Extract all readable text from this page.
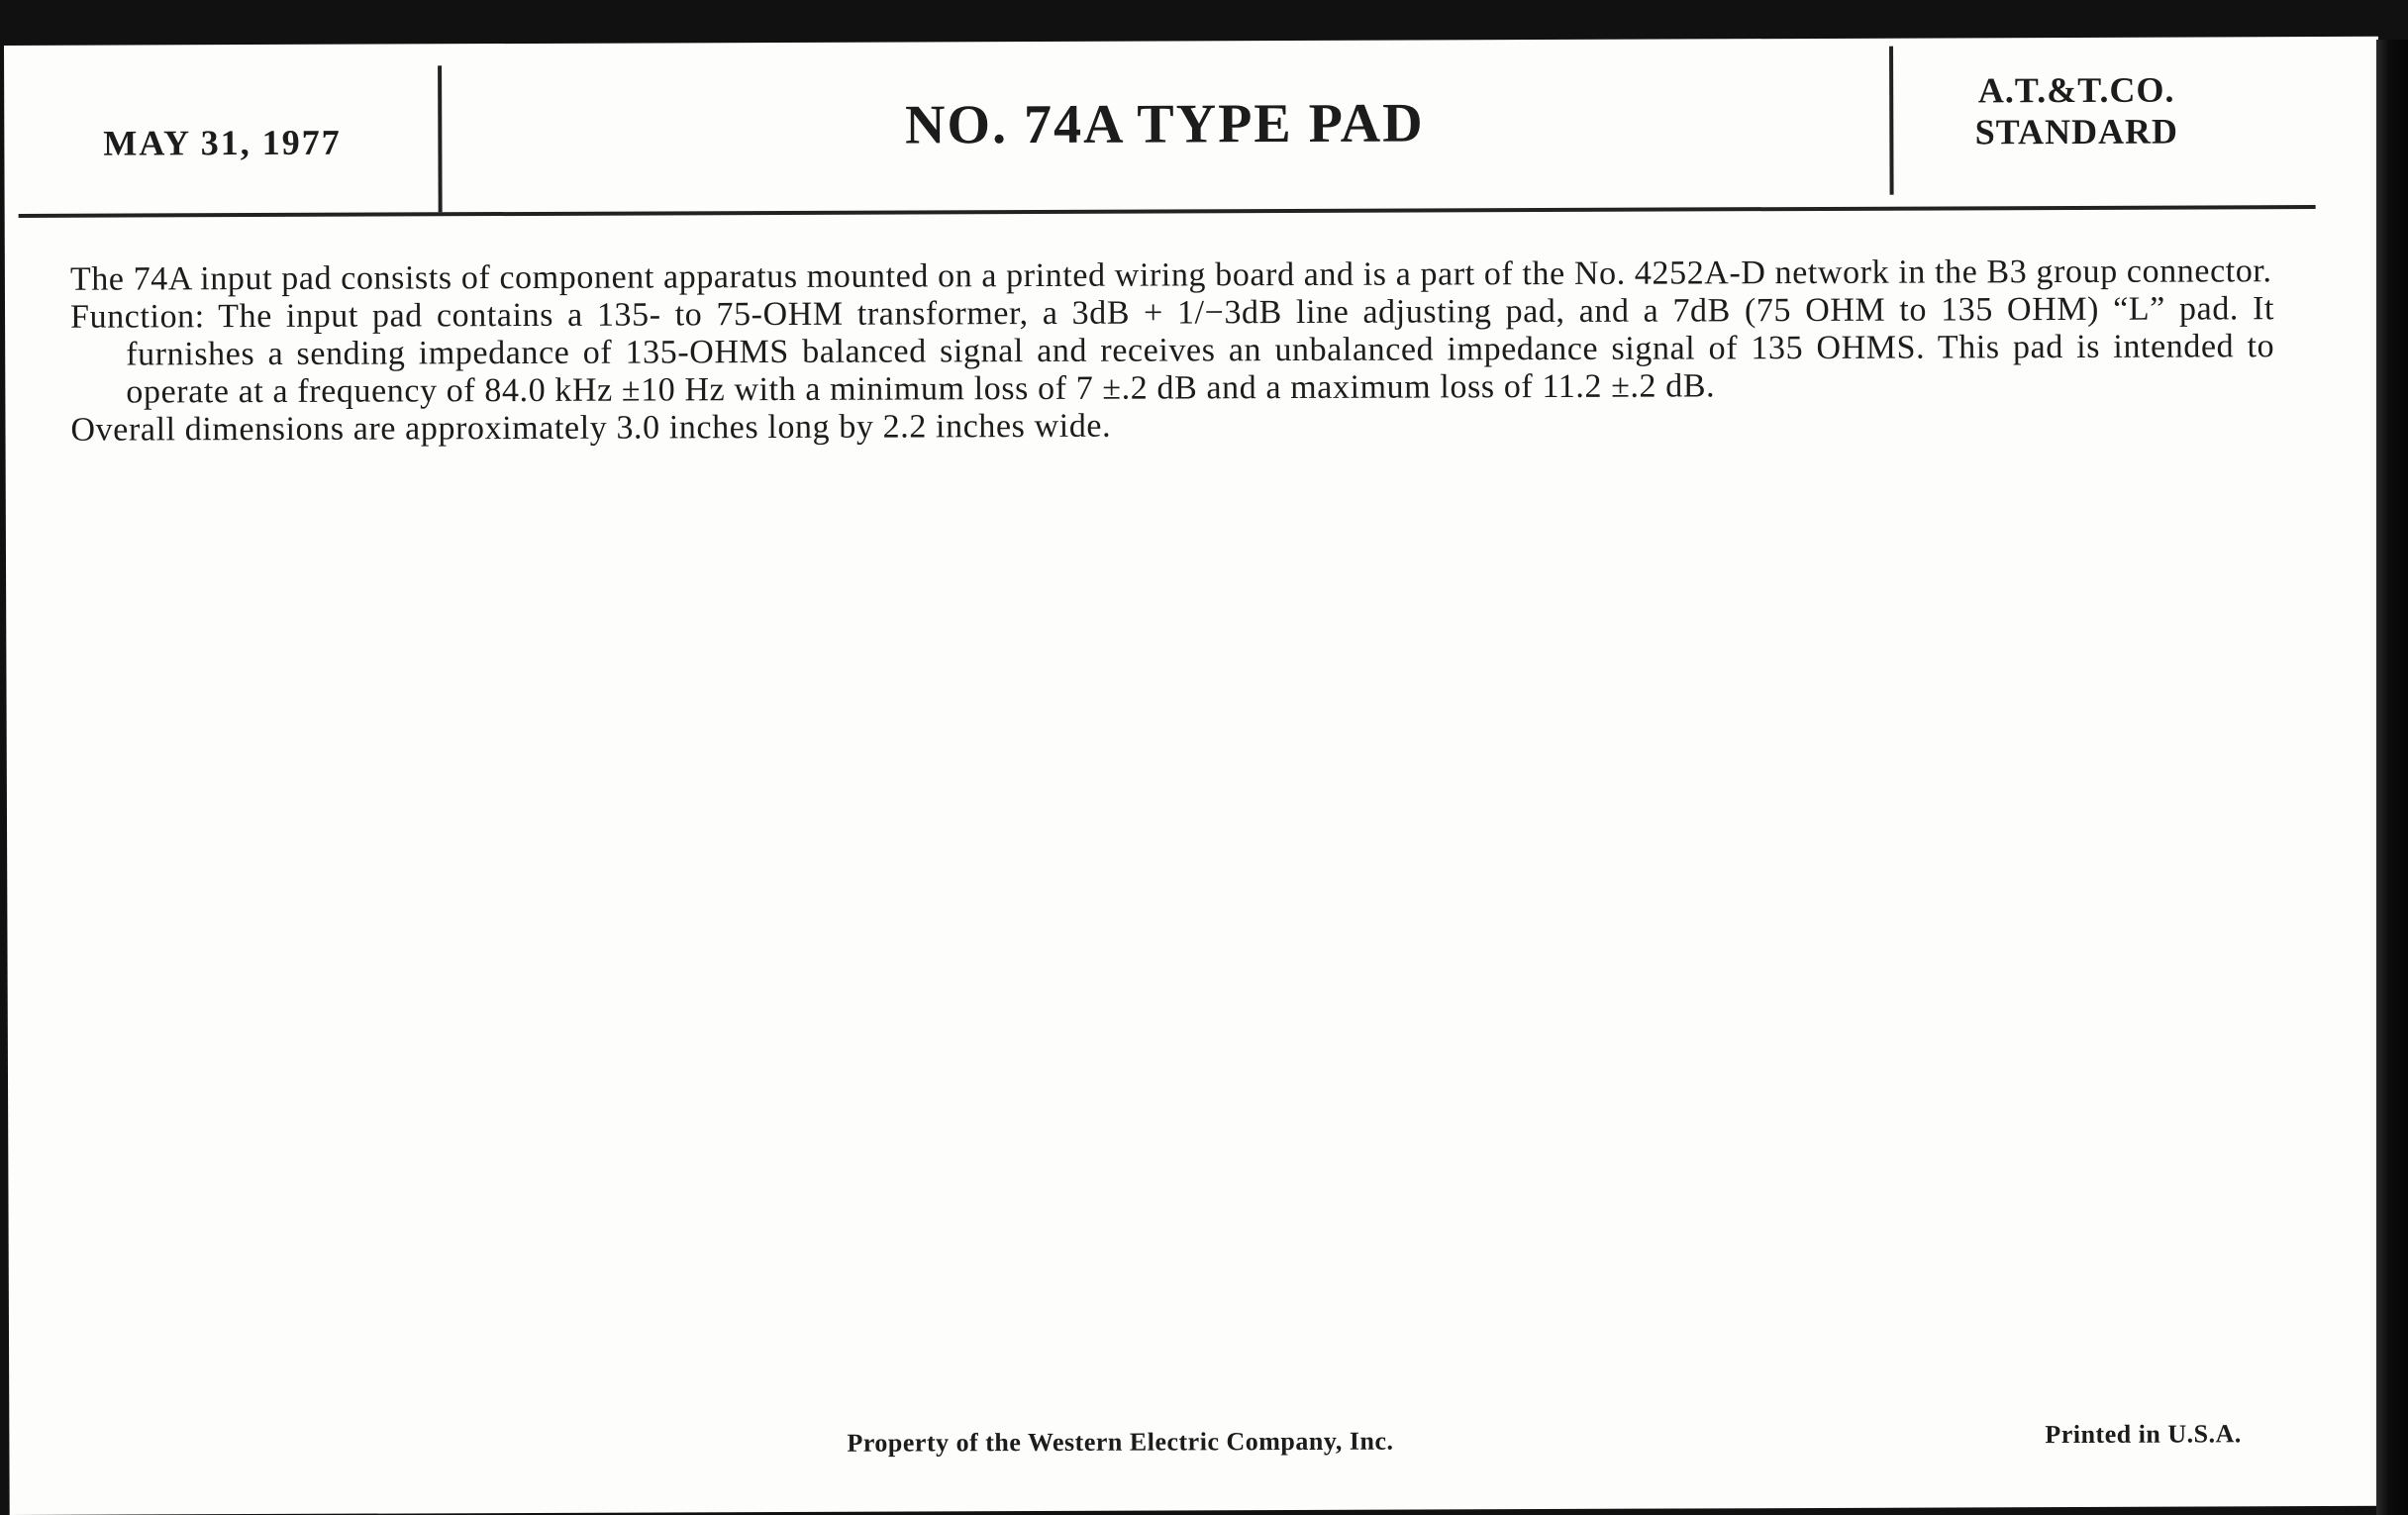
MAY 31, 1977	NO. 74A TYPE PAD
A.T.&T.CO.
STANDARD

The 74A input pad consists of component apparatus mounted on a printed wiring board and is a part of the No. 4252A-D network in the B3 group connector.

Function: The input pad contains a 135- to 75-OHM transformer, a 3dB + 1/−3dB line adjusting pad, and a 7dB (75 OHM to 135 OHM) “L” pad. It furnishes a sending impedance of 135-OHMS balanced signal and receives an unbalanced impedance signal of 135 OHMS. This pad is intended to operate at a frequency of 84.0 kHz ±10 Hz with a minimum loss of 7 ±.2 dB and a maximum loss of 11.2 ±.2 dB.

Overall dimensions are approximately 3.0 inches long by 2.2 inches wide.

Property of the Western Electric Company, Inc.	Printed in U.S.A.
